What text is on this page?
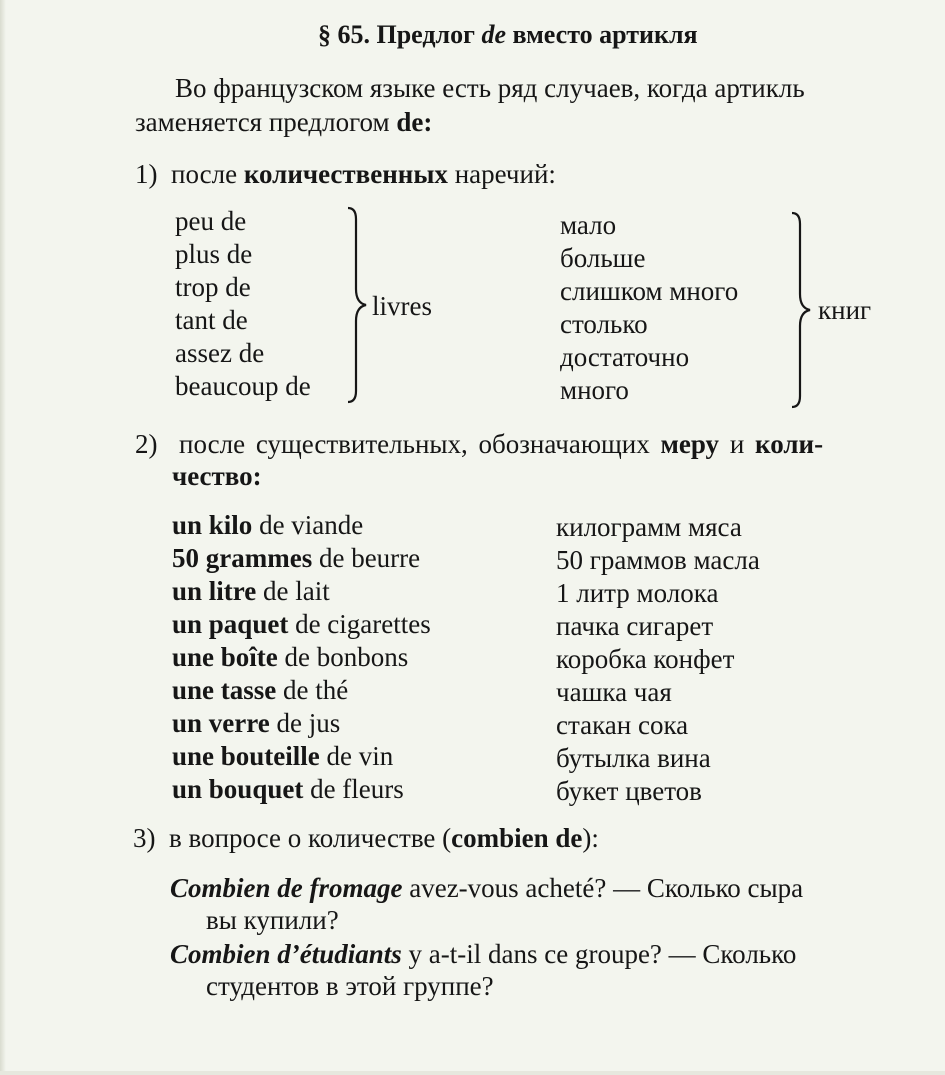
§ 65. Предлог de вместо артикля
Во французском языке есть ряд случаев, когда артикль
заменяется предлогом de:
1) после количественных наречий:
peu de
plus de
trop de
tant de
assez de
beaucoup de
livres
мало
больше
слишком много
столько
достаточно
много
книг
2) после существительных, обозначающих меру и коли-
чество:
un kilo de viande
50 grammes de beurre
un litre de lait
un paquet de cigarettes
une boîte de bonbons
une tasse de thé
un verre de jus
une bouteille de vin
un bouquet de fleurs
килограмм мяса
50 граммов масла
1 литр молока
пачка сигарет
коробка конфет
чашка чая
стакан сока
бутылка вина
букет цветов
3) в вопросе о количестве (combien de):
Combien de fromage avez-vous acheté? — Сколько сыра
вы купили?
Combien d’étudiants y a-t-il dans ce groupe? — Сколько
студентов в этой группе?
